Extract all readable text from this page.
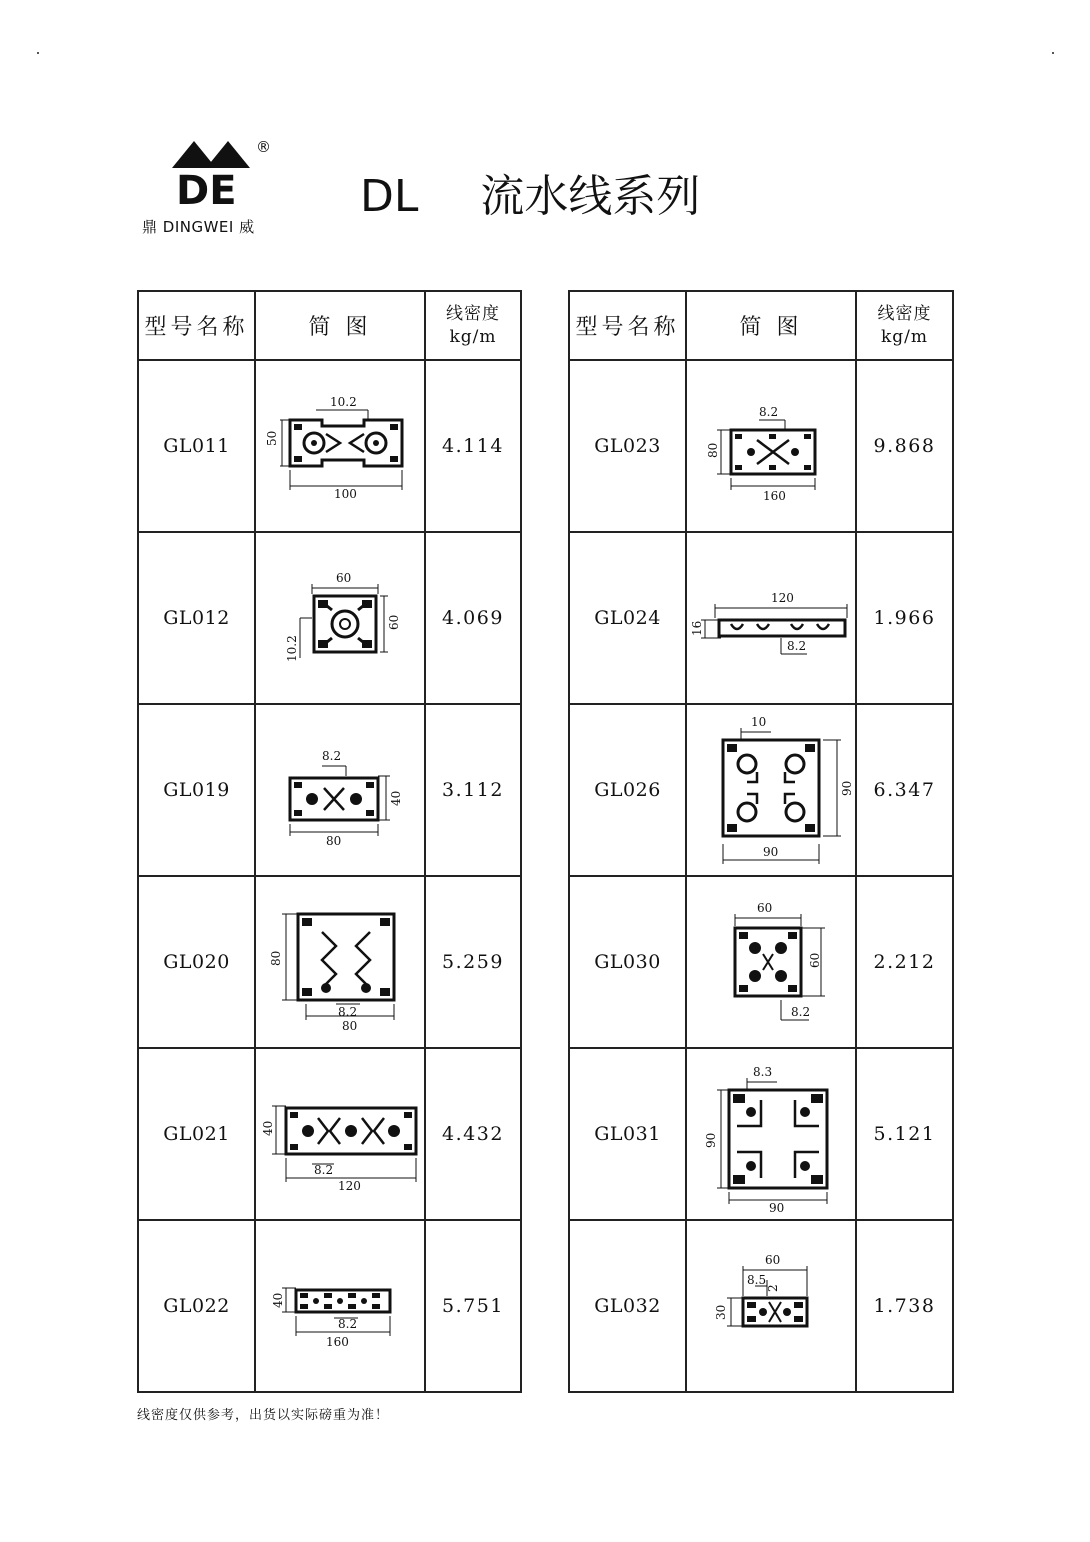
DE
®
鼎 DINGWEI 威
DL 流水线系列
型号名称	简 图	线密度
kg/m
GL011	10.2
50
100	4.114
GL012	60
60
10.2	4.069
GL019	8.2
40
80	3.112
GL020	80
8.2
80	5.259
GL021	40
8.2
120	4.432
GL022	40
8.2
160	5.751
型号名称	简 图	线密度
kg/m
GL023	8.2
80
160	9.868
GL024	120
16
8.2	1.966
GL026	10
90
90	6.347
GL030	60
60
8.2	2.212
GL031	8.3
90
90	5.121
GL032	60
8.5
2
30	1.738
线密度仅供参考，出货以实际磅重为准！
